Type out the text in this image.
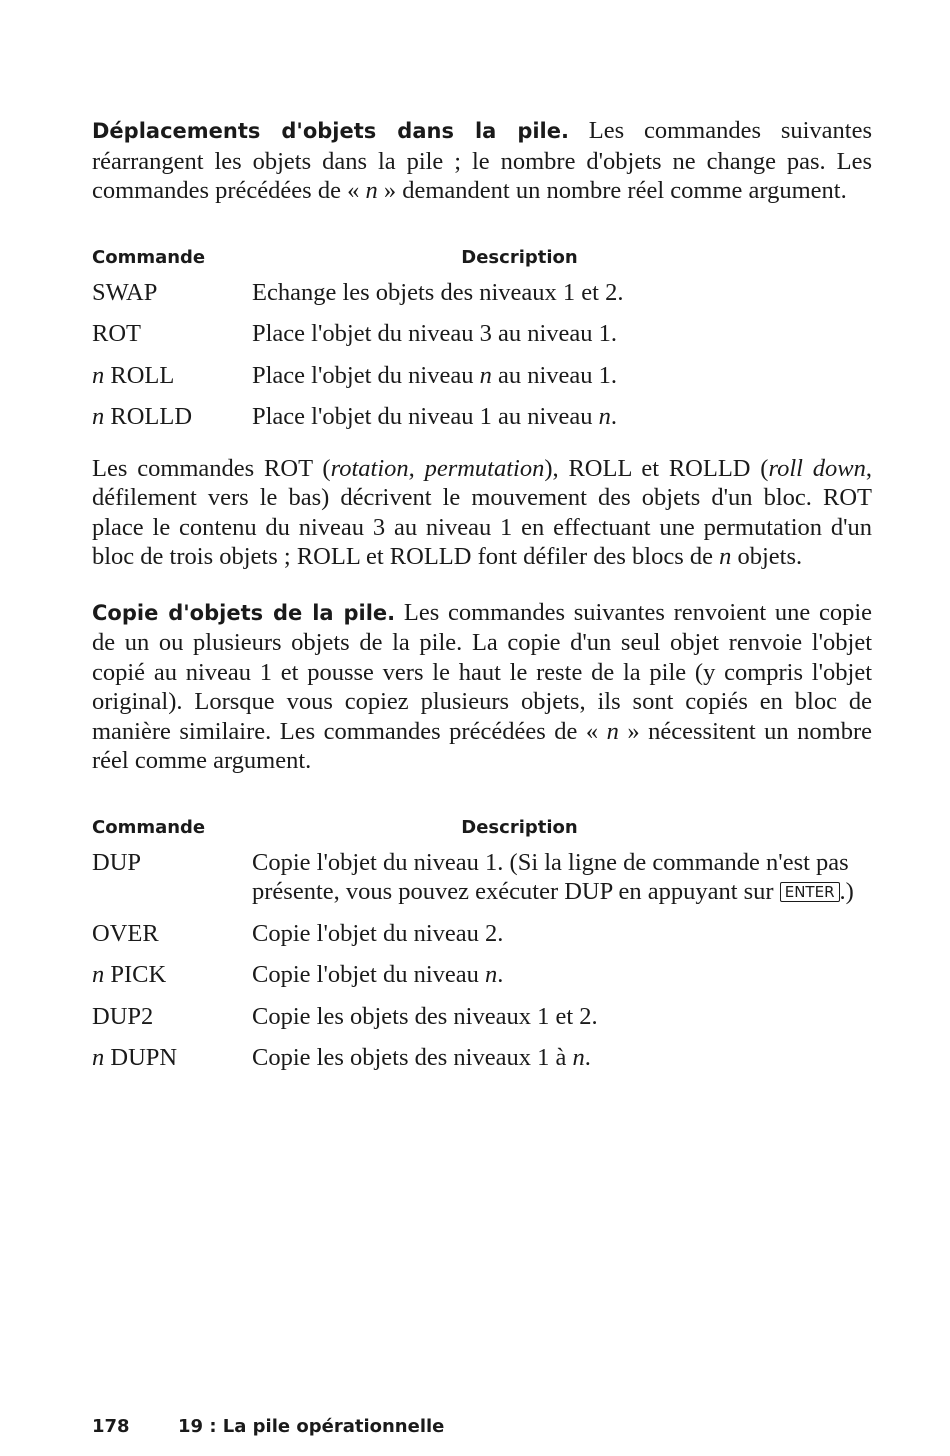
Déplacements d'objets dans la pile. Les commandes suivantes réarrangent les objets dans la pile ; le nombre d'objets ne change pas. Les commandes précédées de « n » demandent un nombre réel comme argument.

Commande	Description
SWAP	Echange les objets des niveaux 1 et 2.
ROT	Place l'objet du niveau 3 au niveau 1.
n ROLL	Place l'objet du niveau n au niveau 1.
n ROLLD	Place l'objet du niveau 1 au niveau n.

Les commandes ROT (rotation, permutation), ROLL et ROLLD (roll down, défilement vers le bas) décrivent le mouvement des objets d'un bloc. ROT place le contenu du niveau 3 au niveau 1 en effectuant une permutation d'un bloc de trois objets ; ROLL et ROLLD font défiler des blocs de n objets.

Copie d'objets de la pile. Les commandes suivantes renvoient une copie de un ou plusieurs objets de la pile. La copie d'un seul objet renvoie l'objet copié au niveau 1 et pousse vers le haut le reste de la pile (y compris l'objet original). Lorsque vous copiez plusieurs objets, ils sont copiés en bloc de manière similaire. Les commandes précédées de « n » nécessitent un nombre réel comme argument.

Commande	Description
DUP	Copie l'objet du niveau 1. (Si la ligne de commande n'est pas présente, vous pouvez exécuter DUP en appuyant sur ENTER .)
OVER	Copie l'objet du niveau 2.
n PICK	Copie l'objet du niveau n.
DUP2	Copie les objets des niveaux 1 et 2.
n DUPN	Copie les objets des niveaux 1 à n.
178	19 : La pile opérationnelle
